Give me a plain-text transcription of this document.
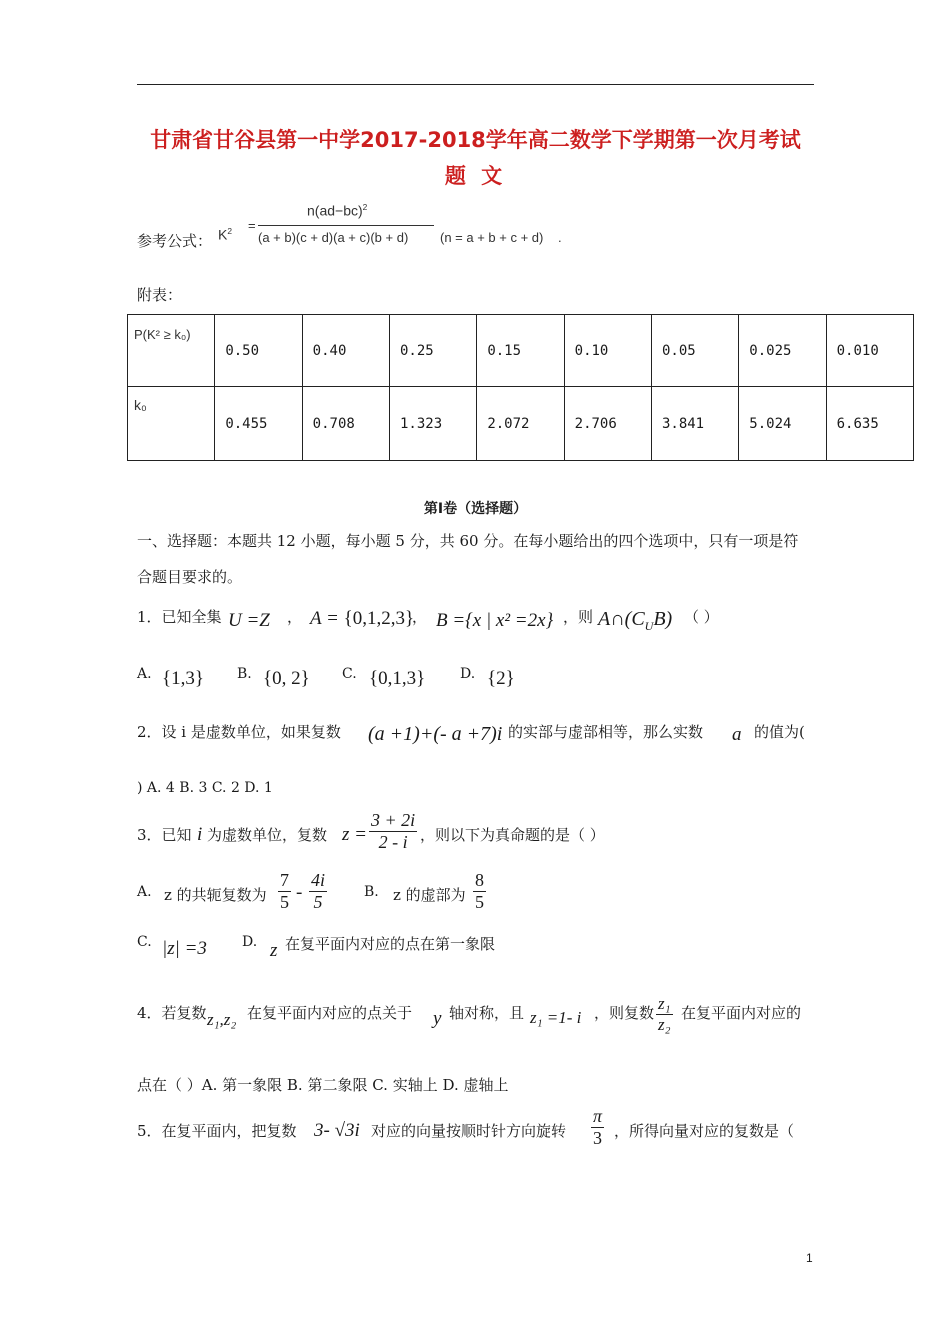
甘肃省甘谷县第一中学2017-2018学年高二数学下学期第一次月考试
题 文
参考公式： $K^2$ =
$n(ad-bc)^2$
(a + b)(c + d)(a + c)(b + d) (n = a + b + c + d) .
附表：
P(K² ≥ k₀)	0.50	0.40	0.25	0.15	0.10	0.05	0.025	0.010
k₀	0.455	0.708	1.323	2.072	2.706	3.841	5.024	6.635
第Ⅰ卷（选择题）
一、选择题：本题共 12 小题，每小题 5 分，共 60 分。在每小题给出的四个选项中，只有一项是符
合题目要求的。
1．已知全集 U =Z ， A = {0,1,2,3}
， B ={x | x² =2x} ，则 $A\cap(C_UB)$ （ ）
A. {1,3} B. {0, 2} C. {0,1,3} D. {2}
2．设 i 是虚数单位，如果复数 (a +1)+(- a +7)i 的实部与虚部相等，那么实数 a 的值为(
) A. 4 B. 3 C. 2 D. 1
3．已知 i 为虚数单位，复数 $z = \frac{3 + 2i}{2 - i}$ ，则以下为真命题的是（ ）
A. z 的共轭复数为 $\frac{7}{5} - \frac{4i}{5}$	B. z 的虚部为 $\frac{8}{5}$
C. |z| =3	D. z 在复平面内对应的点在第一象限
4．若复数 z₁,z₂ 在复平面内对应的点关于 y 轴对称，且 z₁ =1- i ，则复数 $\frac{\text{z₁}}{\text{z₂}}$ 在复平面内对应的
点在（ ）A. 第一象限 B. 第二象限 C. 实轴上 D. 虚轴上
5．在复平面内，把复数 3- √3i 对应的向量按顺时针方向旋转 $\frac{\pi}{3}$ ，所得向量对应的复数是（
1
